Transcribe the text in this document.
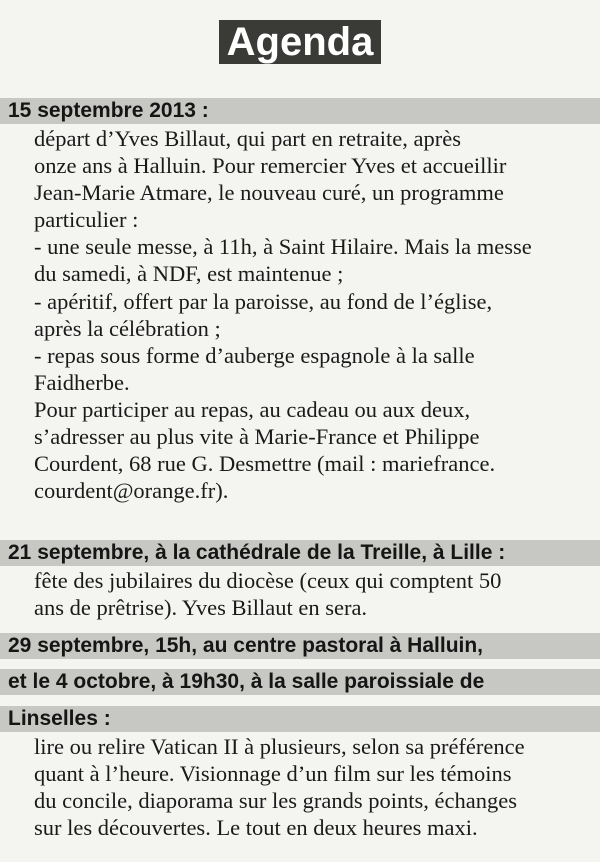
Agenda
15 septembre 2013 :
départ d’Yves Billaut, qui part en retraite, après
onze ans à Halluin. Pour remercier Yves et accueillir
Jean-Marie Atmare, le nouveau curé, un programme
particulier :
- une seule messe, à 11h, à Saint Hilaire. Mais la messe
du samedi, à NDF, est maintenue ;
- apéritif, offert par la paroisse, au fond de l’église,
après la célébration ;
- repas sous forme d’auberge espagnole à la salle
Faidherbe.
Pour participer au repas, au cadeau ou aux deux,
s’adresser au plus vite à Marie-France et Philippe
Courdent, 68 rue G. Desmettre (mail : mariefrance.
courdent@orange.fr).
21 septembre, à la cathédrale de la Treille, à Lille :
fête des jubilaires du diocèse (ceux qui comptent 50
ans de prêtrise). Yves Billaut en sera.
29 septembre, 15h, au centre pastoral à Halluin,
et le 4 octobre, à 19h30, à la salle paroissiale de
Linselles :
lire ou relire Vatican II à plusieurs, selon sa préférence
quant à l’heure. Visionnage d’un film sur les témoins
du concile, diaporama sur les grands points, échanges
sur les découvertes. Le tout en deux heures maxi.
